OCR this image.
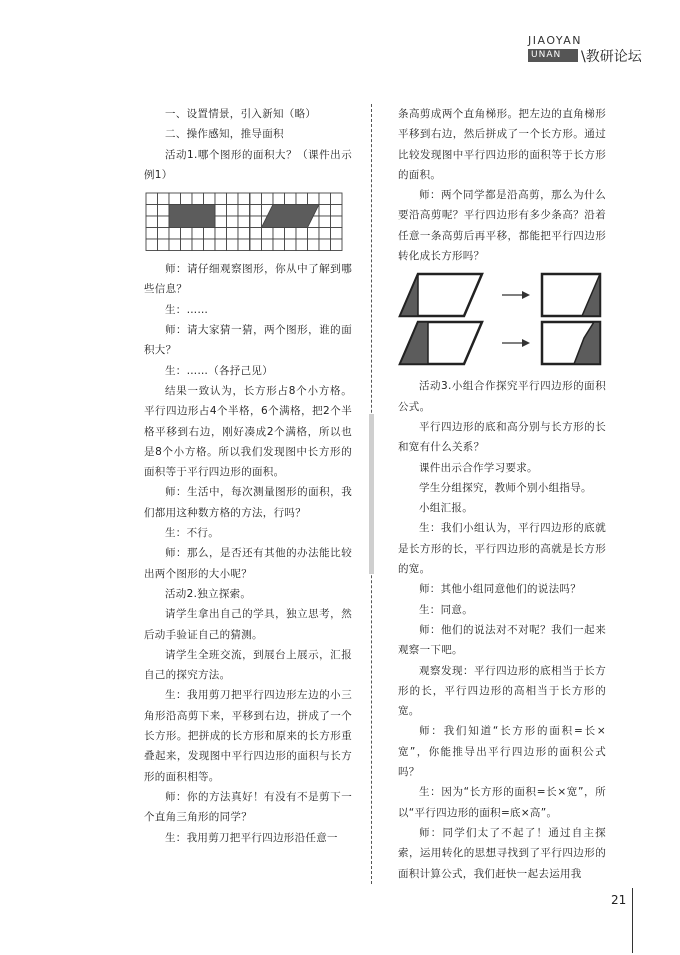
JIAOYAN
UNAN	\教研论坛

一、设置情景，引入新知（略）

二、操作感知，推导面积

活动1.哪个图形的面积大？（课件出示例1）

师：请仔细观察图形，你从中了解到哪些信息？

生：……

师：请大家猜一猜，两个图形，谁的面积大？

生：……（各抒己见）

结果一致认为，长方形占8个小方格。平行四边形占4个半格，6个满格，把2个半格平移到右边，刚好凑成2个满格，所以也是8个小方格。所以我们发现图中长方形的面积等于平行四边形的面积。

师：生活中，每次测量图形的面积，我们都用这种数方格的方法，行吗？

生：不行。

师：那么，是否还有其他的办法能比较出两个图形的大小呢？

活动2.独立探索。

请学生拿出自己的学具，独立思考，然后动手验证自己的猜测。

请学生全班交流，到展台上展示，汇报自己的探究方法。

生：我用剪刀把平行四边形左边的小三角形沿高剪下来，平移到右边，拼成了一个长方形。把拼成的长方形和原来的长方形重叠起来，发现图中平行四边形的面积与长方形的面积相等。

师：你的方法真好！有没有不是剪下一个直角三角形的同学？

生：我用剪刀把平行四边形沿任意一

条高剪成两个直角梯形。把左边的直角梯形平移到右边，然后拼成了一个长方形。通过比较发现图中平行四边形的面积等于长方形的面积。

师：两个同学都是沿高剪，那么为什么要沿高剪呢？平行四边形有多少条高？沿着任意一条高剪后再平移，都能把平行四边形转化成长方形吗？

活动3.小组合作探究平行四边形的面积公式。

平行四边形的底和高分别与长方形的长和宽有什么关系？

课件出示合作学习要求。

学生分组探究，教师个别小组指导。

小组汇报。

生：我们小组认为，平行四边形的底就是长方形的长，平行四边形的高就是长方形的宽。

师：其他小组同意他们的说法吗？

生：同意。

师：他们的说法对不对呢？我们一起来观察一下吧。

观察发现：平行四边形的底相当于长方形的长，平行四边形的高相当于长方形的宽。

师：我们知道“长方形的面积=长×宽”，你能推导出平行四边形的面积公式吗？

生：因为“长方形的面积=长×宽”，所以“平行四边形的面积=底×高”。

师：同学们太了不起了！通过自主探索，运用转化的思想寻找到了平行四边形的面积计算公式，我们赶快一起去运用我

21
